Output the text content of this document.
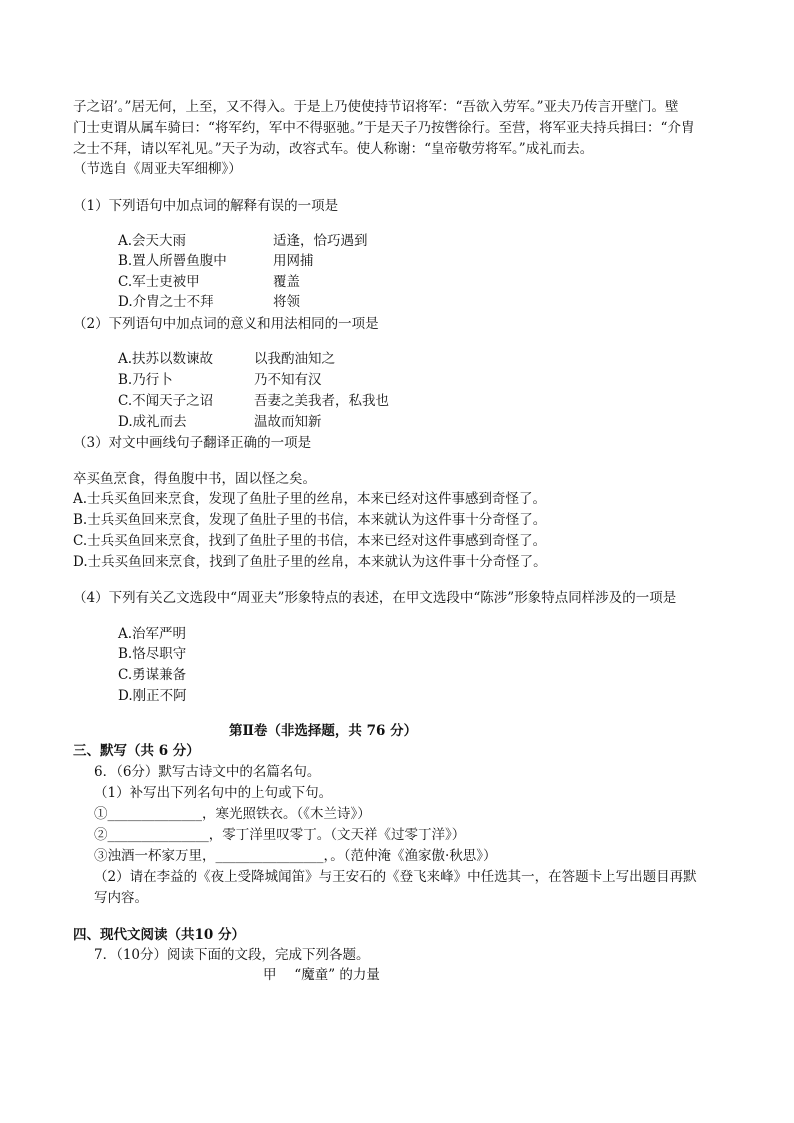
子之诏’。”居无何，上至，又不得入。于是上乃使使持节诏将军：“吾欲入劳军。”亚夫乃传言开壁门。壁
门士吏谓从属车骑曰：“将军约，军中不得驱驰。”于是天子乃按辔徐行。至营，将军亚夫持兵揖曰：“介胄
之士不拜，请以军礼见。”天子为动，改容式车。使人称谢：“皇帝敬劳将军。”成礼而去。
（节选自《周亚夫军细柳》）
（1）下列语句中加点词的解释有误的一项是
A.会天大雨	适逢，恰巧遇到
B.置人所罾鱼腹中	用网捕
C.军士吏被甲	覆盖
D.介胄之士不拜	将领
（2）下列语句中加点词的意义和用法相同的一项是
A.扶苏以数谏故	以我酌油知之
B.乃行卜	乃不知有汉
C.不闻天子之诏	吾妻之美我者，私我也
D.成礼而去	温故而知新
（3）对文中画线句子翻译正确的一项是
卒买鱼烹食，得鱼腹中书，固以怪之矣。
A.士兵买鱼回来烹食，发现了鱼肚子里的丝帛，本来已经对这件事感到奇怪了。
B.士兵买鱼回来烹食，发现了鱼肚子里的书信，本来就认为这件事十分奇怪了。
C.士兵买鱼回来烹食，找到了鱼肚子里的书信，本来已经对这件事感到奇怪了。
D.士兵买鱼回来烹食，找到了鱼肚子里的丝帛，本来就认为这件事十分奇怪了。
（4）下列有关乙文选段中“周亚夫”形象特点的表述，在甲文选段中“陈涉”形象特点同样涉及的一项是
A.治军严明
B.恪尽职守
C.勇谋兼备
D.刚正不阿
第Ⅱ卷（非选择题，共 76 分）
三、默写（共 6 分）
6．（6分）默写古诗文中的名篇名句。
（1）补写出下列名句中的上句或下句。
①______________，寒光照铁衣。（《木兰诗》）
②_______________，零丁洋里叹零丁。（文天祥《过零丁洋》）
③浊酒一杯家万里，________________，。（范仲淹《渔家傲·秋思》）
（2）请在李益的《夜上受降城闻笛》与王安石的《登飞来峰》中任选其一，在答题卡上写出题目再默
写内容。
四、现代文阅读（共10 分）
7．（10分）阅读下面的文段，完成下列各题。
甲　 “魔童” 的力量
